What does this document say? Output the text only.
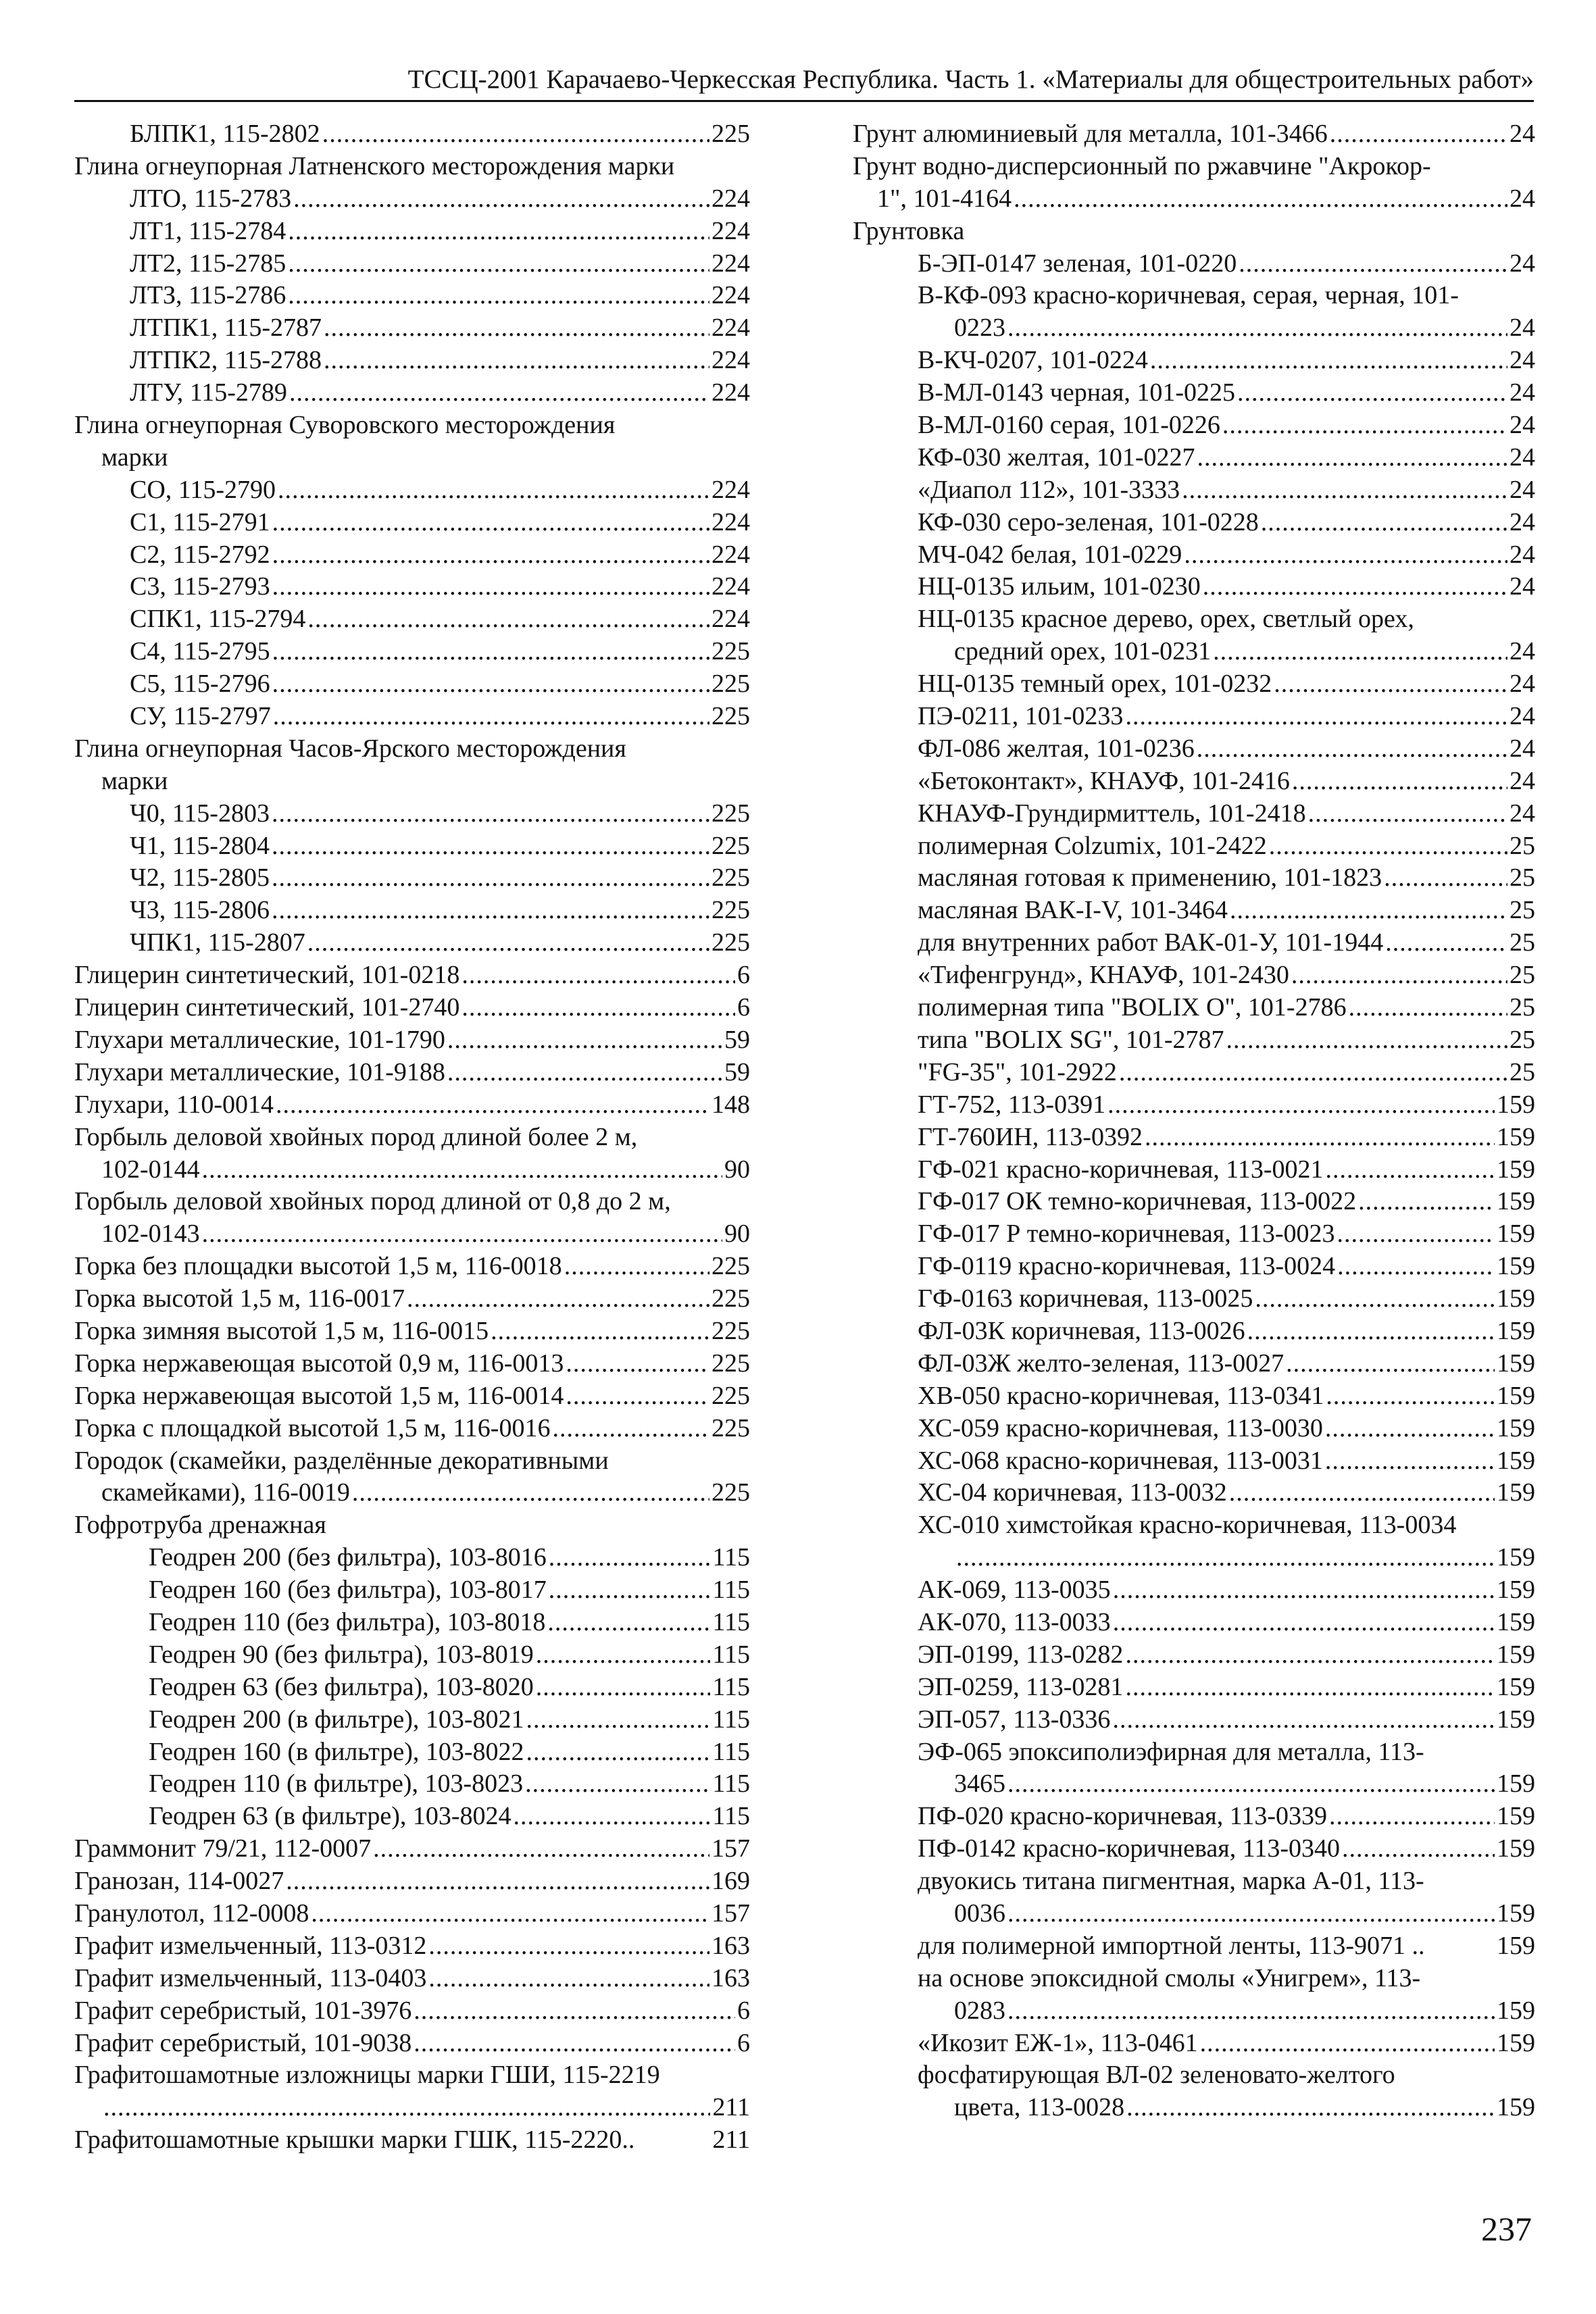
ТССЦ-2001 Карачаево-Черкесская Республика. Часть 1. «Материалы для общестроительных работ»
БЛПК1, 115-2802 .....	225
Глина огнеупорная Латненского месторождения марки
ЛТО, 115-2783 .....	224
ЛТ1, 115-2784 .....	224
ЛТ2, 115-2785 .....	224
ЛТЗ, 115-2786 .....	224
ЛТПК1, 115-2787 .....	224
ЛТПК2, 115-2788 .....	224
ЛТУ, 115-2789 .....	224
Глина огнеупорная Суворовского месторождения
марки
СО, 115-2790 .....	224
С1, 115-2791 .....	224
С2, 115-2792 .....	224
С3, 115-2793 .....	224
СПК1, 115-2794 .....	224
С4, 115-2795 .....	225
С5, 115-2796 .....	225
СУ, 115-2797 .....	225
Глина огнеупорная Часов-Ярского месторождения
марки
Ч0, 115-2803 .....	225
Ч1, 115-2804 .....	225
Ч2, 115-2805 .....	225
Ч3, 115-2806 .....	225
ЧПК1, 115-2807 .....	225
Глицерин синтетический, 101-0218 .....	6
Глицерин синтетический, 101-2740 .....	6
Глухари металлические, 101-1790 .....	59
Глухари металлические, 101-9188 .....	59
Глухари, 110-0014 .....	148
Горбыль деловой хвойных пород длиной более 2 м,
102-0144 .....	90
Горбыль деловой хвойных пород длиной от 0,8 до 2 м,
102-0143 .....	90
Горка без площадки высотой 1,5 м, 116-0018 .....	225
Горка высотой 1,5 м, 116-0017 .....	225
Горка зимняя высотой 1,5 м, 116-0015 .....	225
Горка нержавеющая высотой 0,9 м, 116-0013 .....	225
Горка нержавеющая высотой 1,5 м, 116-0014 .....	225
Горка с площадкой высотой 1,5 м, 116-0016 .....	225
Городок (скамейки, разделённые декоративными
скамейками), 116-0019 .....	225
Гофротруба дренажная
Геодрен 200 (без фильтра), 103-8016 .....	115
Геодрен 160 (без фильтра), 103-8017 .....	115
Геодрен 110 (без фильтра), 103-8018 .....	115
Геодрен 90 (без фильтра), 103-8019 .....	115
Геодрен 63 (без фильтра), 103-8020 .....	115
Геодрен 200 (в фильтре), 103-8021 .....	115
Геодрен 160 (в фильтре), 103-8022 .....	115
Геодрен 110 (в фильтре), 103-8023 .....	115
Геодрен 63 (в фильтре), 103-8024 .....	115
Граммонит 79/21, 112-0007 .....	157
Гранозан, 114-0027 .....	169
Гранулотол, 112-0008 .....	157
Графит измельченный, 113-0312 .....	163
Графит измельченный, 113-0403 .....	163
Графит серебристый, 101-3976 .....	6
Графит серебристый, 101-9038 .....	6
Графитошамотные изложницы марки ГШИ, 115-2219
.....
211
Графитошамотные крышки марки ГШК, 115-2220..	211
Грунт алюминиевый для металла, 101-3466 .....	24
Грунт водно-дисперсионный по ржавчине "Акрокор-
1", 101-4164 .....	24
Грунтовка
Б-ЭП-0147 зеленая, 101-0220 .....	24
В-КФ-093 красно-коричневая, серая, черная, 101-
0223 .....	24
В-КЧ-0207, 101-0224 .....	24
В-МЛ-0143 черная, 101-0225 .....	24
В-МЛ-0160 серая, 101-0226 .....	24
КФ-030 желтая, 101-0227 .....	24
«Диапол 112», 101-3333 .....	24
КФ-030 серо-зеленая, 101-0228 .....	24
МЧ-042 белая, 101-0229 .....	24
НЦ-0135 ильим, 101-0230 .....	24
НЦ-0135 красное дерево, орех, светлый орех,
средний орех, 101-0231 .....	24
НЦ-0135 темный орех, 101-0232 .....	24
ПЭ-0211, 101-0233 .....	24
ФЛ-086 желтая, 101-0236 .....	24
«Бетоконтакт», КНАУФ, 101-2416 .....	24
КНАУФ-Грундирмиттель, 101-2418 .....	24
полимерная Colzumix, 101-2422 .....	25
масляная готовая к применению, 101-1823 .....	25
масляная ВАК-I-V, 101-3464 .....	25
для внутренних работ ВАК-01-У, 101-1944 .....	25
«Тифенгрунд», КНАУФ, 101-2430 .....	25
полимерная типа "BOLIX O", 101-2786 .....	25
типа "BOLIX SG", 101-2787 .....	25
"FG-35", 101-2922 .....	25
ГТ-752, 113-0391 .....	159
ГТ-760ИН, 113-0392 .....	159
ГФ-021 красно-коричневая, 113-0021 .....	159
ГФ-017 ОК темно-коричневая, 113-0022 .....	159
ГФ-017 Р темно-коричневая, 113-0023 .....	159
ГФ-0119 красно-коричневая, 113-0024 .....	159
ГФ-0163 коричневая, 113-0025 .....	159
ФЛ-03К коричневая, 113-0026 .....	159
ФЛ-03Ж желто-зеленая, 113-0027 .....	159
ХВ-050 красно-коричневая, 113-0341 .....	159
ХС-059 красно-коричневая, 113-0030 .....	159
ХС-068 красно-коричневая, 113-0031 .....	159
ХС-04 коричневая, 113-0032 .....	159
ХС-010 химстойкая красно-коричневая, 113-0034
.....
159
АК-069, 113-0035 .....	159
АК-070, 113-0033 .....	159
ЭП-0199, 113-0282 .....	159
ЭП-0259, 113-0281 .....	159
ЭП-057, 113-0336 .....	159
ЭФ-065 эпоксиполиэфирная для металла, 113-
3465 .....	159
ПФ-020 красно-коричневая, 113-0339 .....	159
ПФ-0142 красно-коричневая, 113-0340 .....	159
двуокись титана пигментная, марка А-01, 113-
0036 .....	159
для полимерной импортной ленты, 113-9071 ..	159
на основе эпоксидной смолы «Унигрем», 113-
0283 .....	159
«Икозит ЕЖ-1», 113-0461 .....	159
фосфатирующая ВЛ-02 зеленовато-желтого
цвета, 113-0028 .....	159
237
